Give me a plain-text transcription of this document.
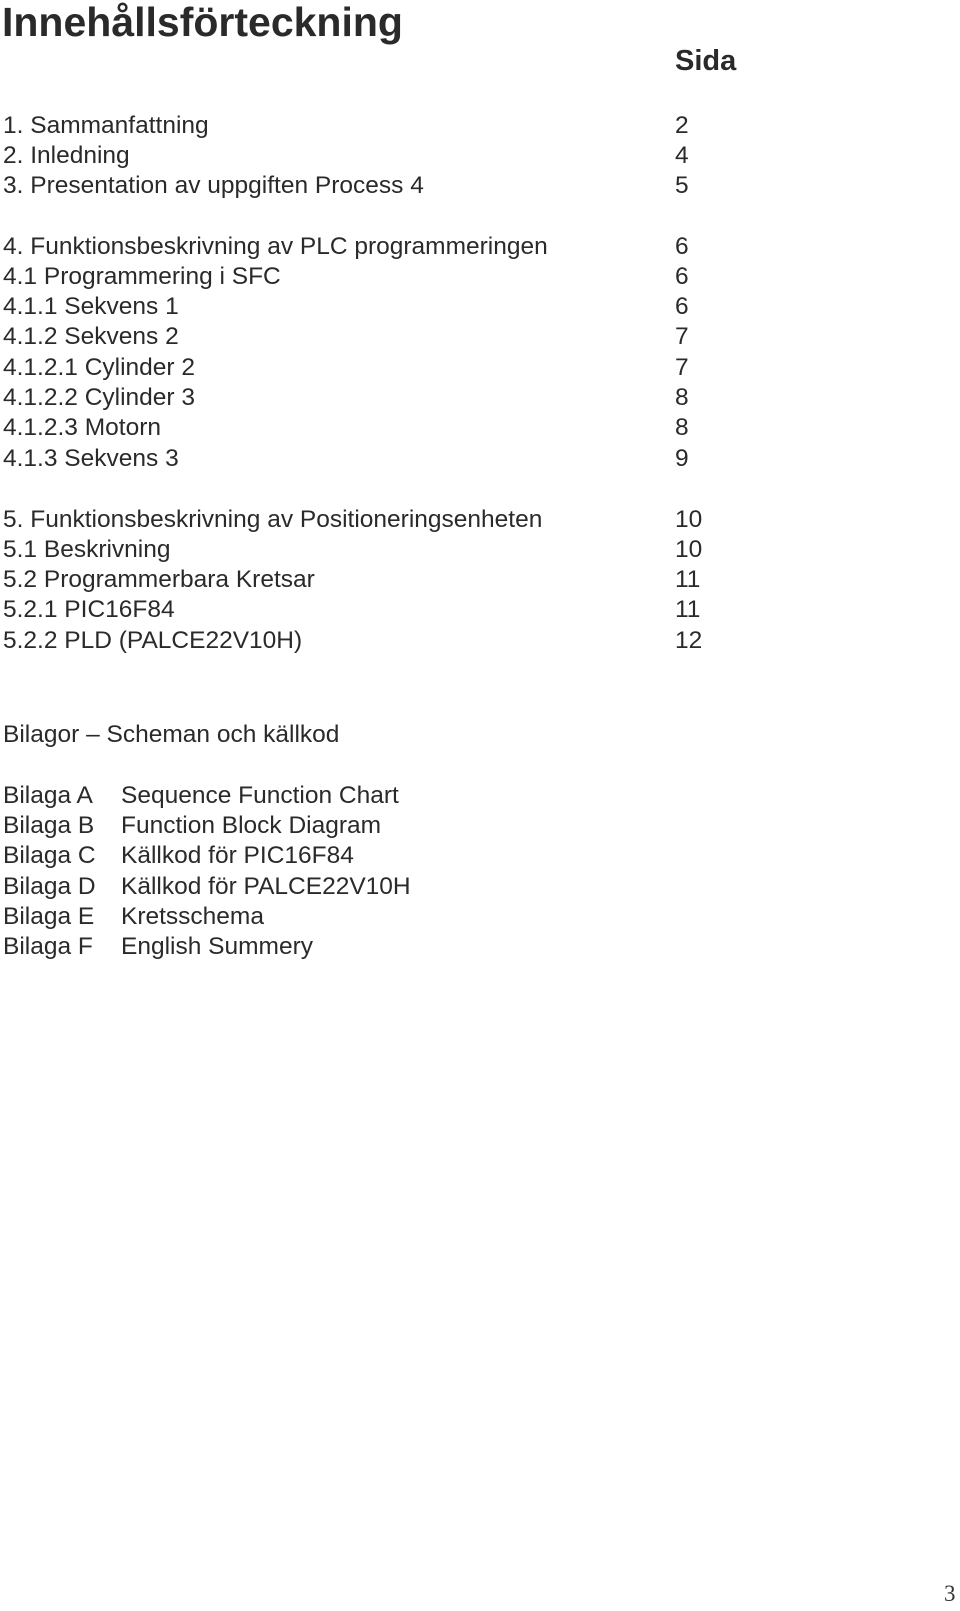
Innehållsförteckning
Sida
1. Sammanfattning	2
2. Inledning	4
3. Presentation av uppgiften Process 4	5
4. Funktionsbeskrivning av PLC programmeringen	6
4.1 Programmering i SFC	6
4.1.1 Sekvens 1	6
4.1.2 Sekvens 2	7
4.1.2.1 Cylinder 2	7
4.1.2.2 Cylinder 3	8
4.1.2.3 Motorn	8
4.1.3 Sekvens 3	9
5. Funktionsbeskrivning av Positioneringsenheten	10
5.1 Beskrivning	10
5.2 Programmerbara Kretsar	11
5.2.1 PIC16F84	11
5.2.2 PLD (PALCE22V10H)	12
Bilagor – Scheman och källkod
Bilaga A Sequence Function Chart
Bilaga B Function Block Diagram
Bilaga C Källkod för PIC16F84
Bilaga D Källkod för PALCE22V10H
Bilaga E Kretsschema
Bilaga F English Summery
3
